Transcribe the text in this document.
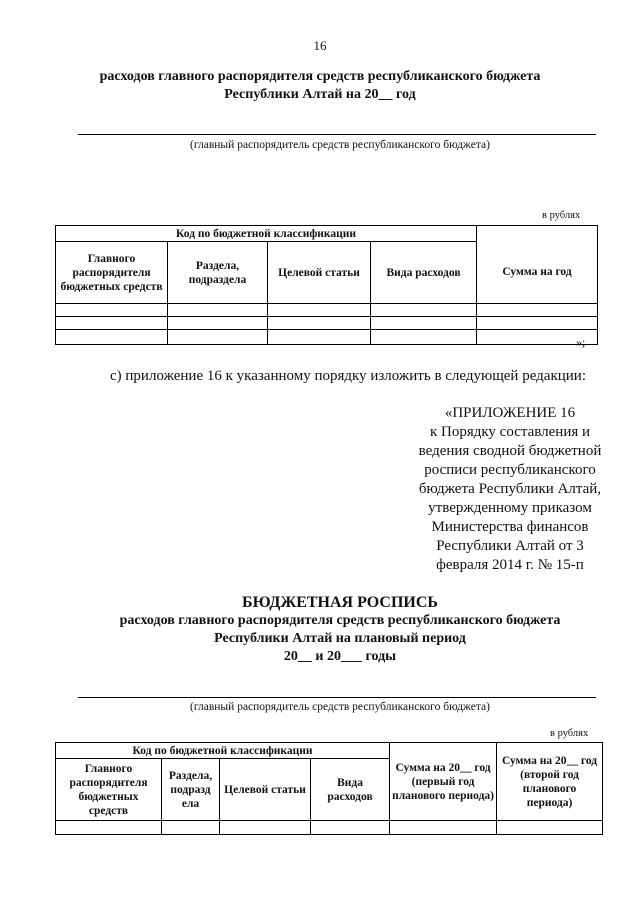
16
расходов главного распорядителя средств республиканского бюджета
Республики Алтай на 20__ год
(главный распорядитель средств республиканского бюджета)
в рублях
Код по бюджетной классификации				
Главного распорядителя бюджетных средств	Раздела, подраздела	Целевой статьи	Вида расходов	Сумма на год

»;
с) приложение 16 к указанному порядку изложить в следующей редакции:
«ПРИЛОЖЕНИЕ 16
к Порядку составления и
ведения сводной бюджетной
росписи республиканского
бюджета Республики Алтай,
утвержденному приказом
Министерства финансов
Республики Алтай от 3
февраля 2014 г. № 15-п
БЮДЖЕТНАЯ РОСПИСЬ
расходов главного распорядителя средств республиканского бюджета
Республики Алтай на плановый период
20__ и 20___ годы
(главный распорядитель средств республиканского бюджета)
в рублях
Код по бюджетной классификации				Сумма на 20__ год (первый год планового периода)	Сумма на 20__ год (второй год планового периода)
Главного распорядителя бюджетных средств	Раздела, подразд ела	Целевой статьи	Вида расходов		
